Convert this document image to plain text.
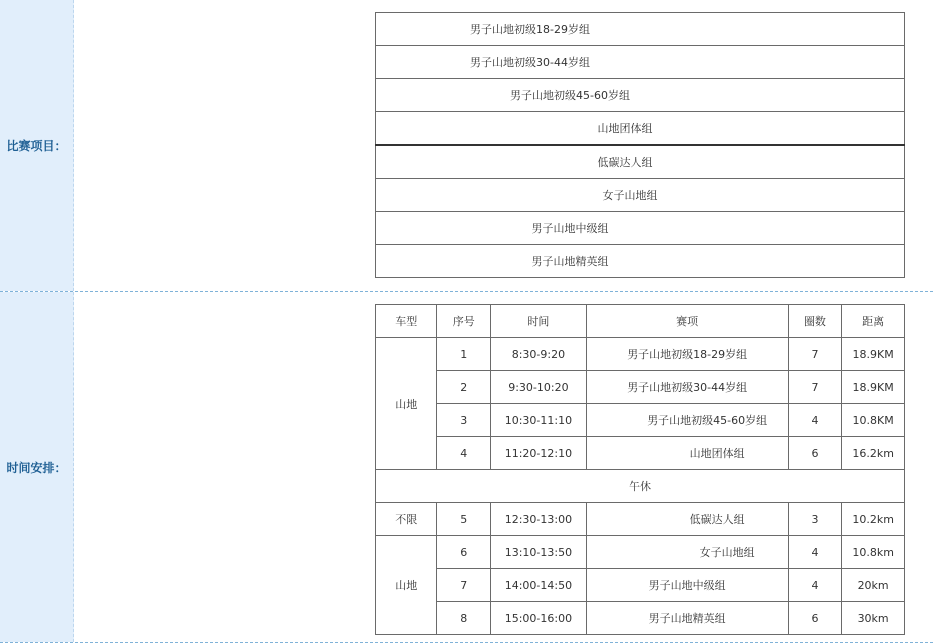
比赛项目：
男子山地初级18-29岁组
男子山地初级30-44岁组
男子山地初级45-60岁组
山地团体组
低碳达人组
女子山地组
男子山地中级组
男子山地精英组
时间安排：
车型	序号	时间	赛项	圈数	距离
山地	1	8:30-9:20	男子山地初级18-29岁组	7	18.9KM
	2	9:30-10:20	男子山地初级30-44岁组	7	18.9KM
	3	10:30-11:10	男子山地初级45-60岁组	4	10.8KM
	4	11:20-12:10	山地团体组	6	16.2km
午休					
不限	5	12:30-13:00	低碳达人组	3	10.2km
山地	6	13:10-13:50	女子山地组	4	10.8km
	7	14:00-14:50	男子山地中级组	4	20km
	8	15:00-16:00	男子山地精英组	6	30km
